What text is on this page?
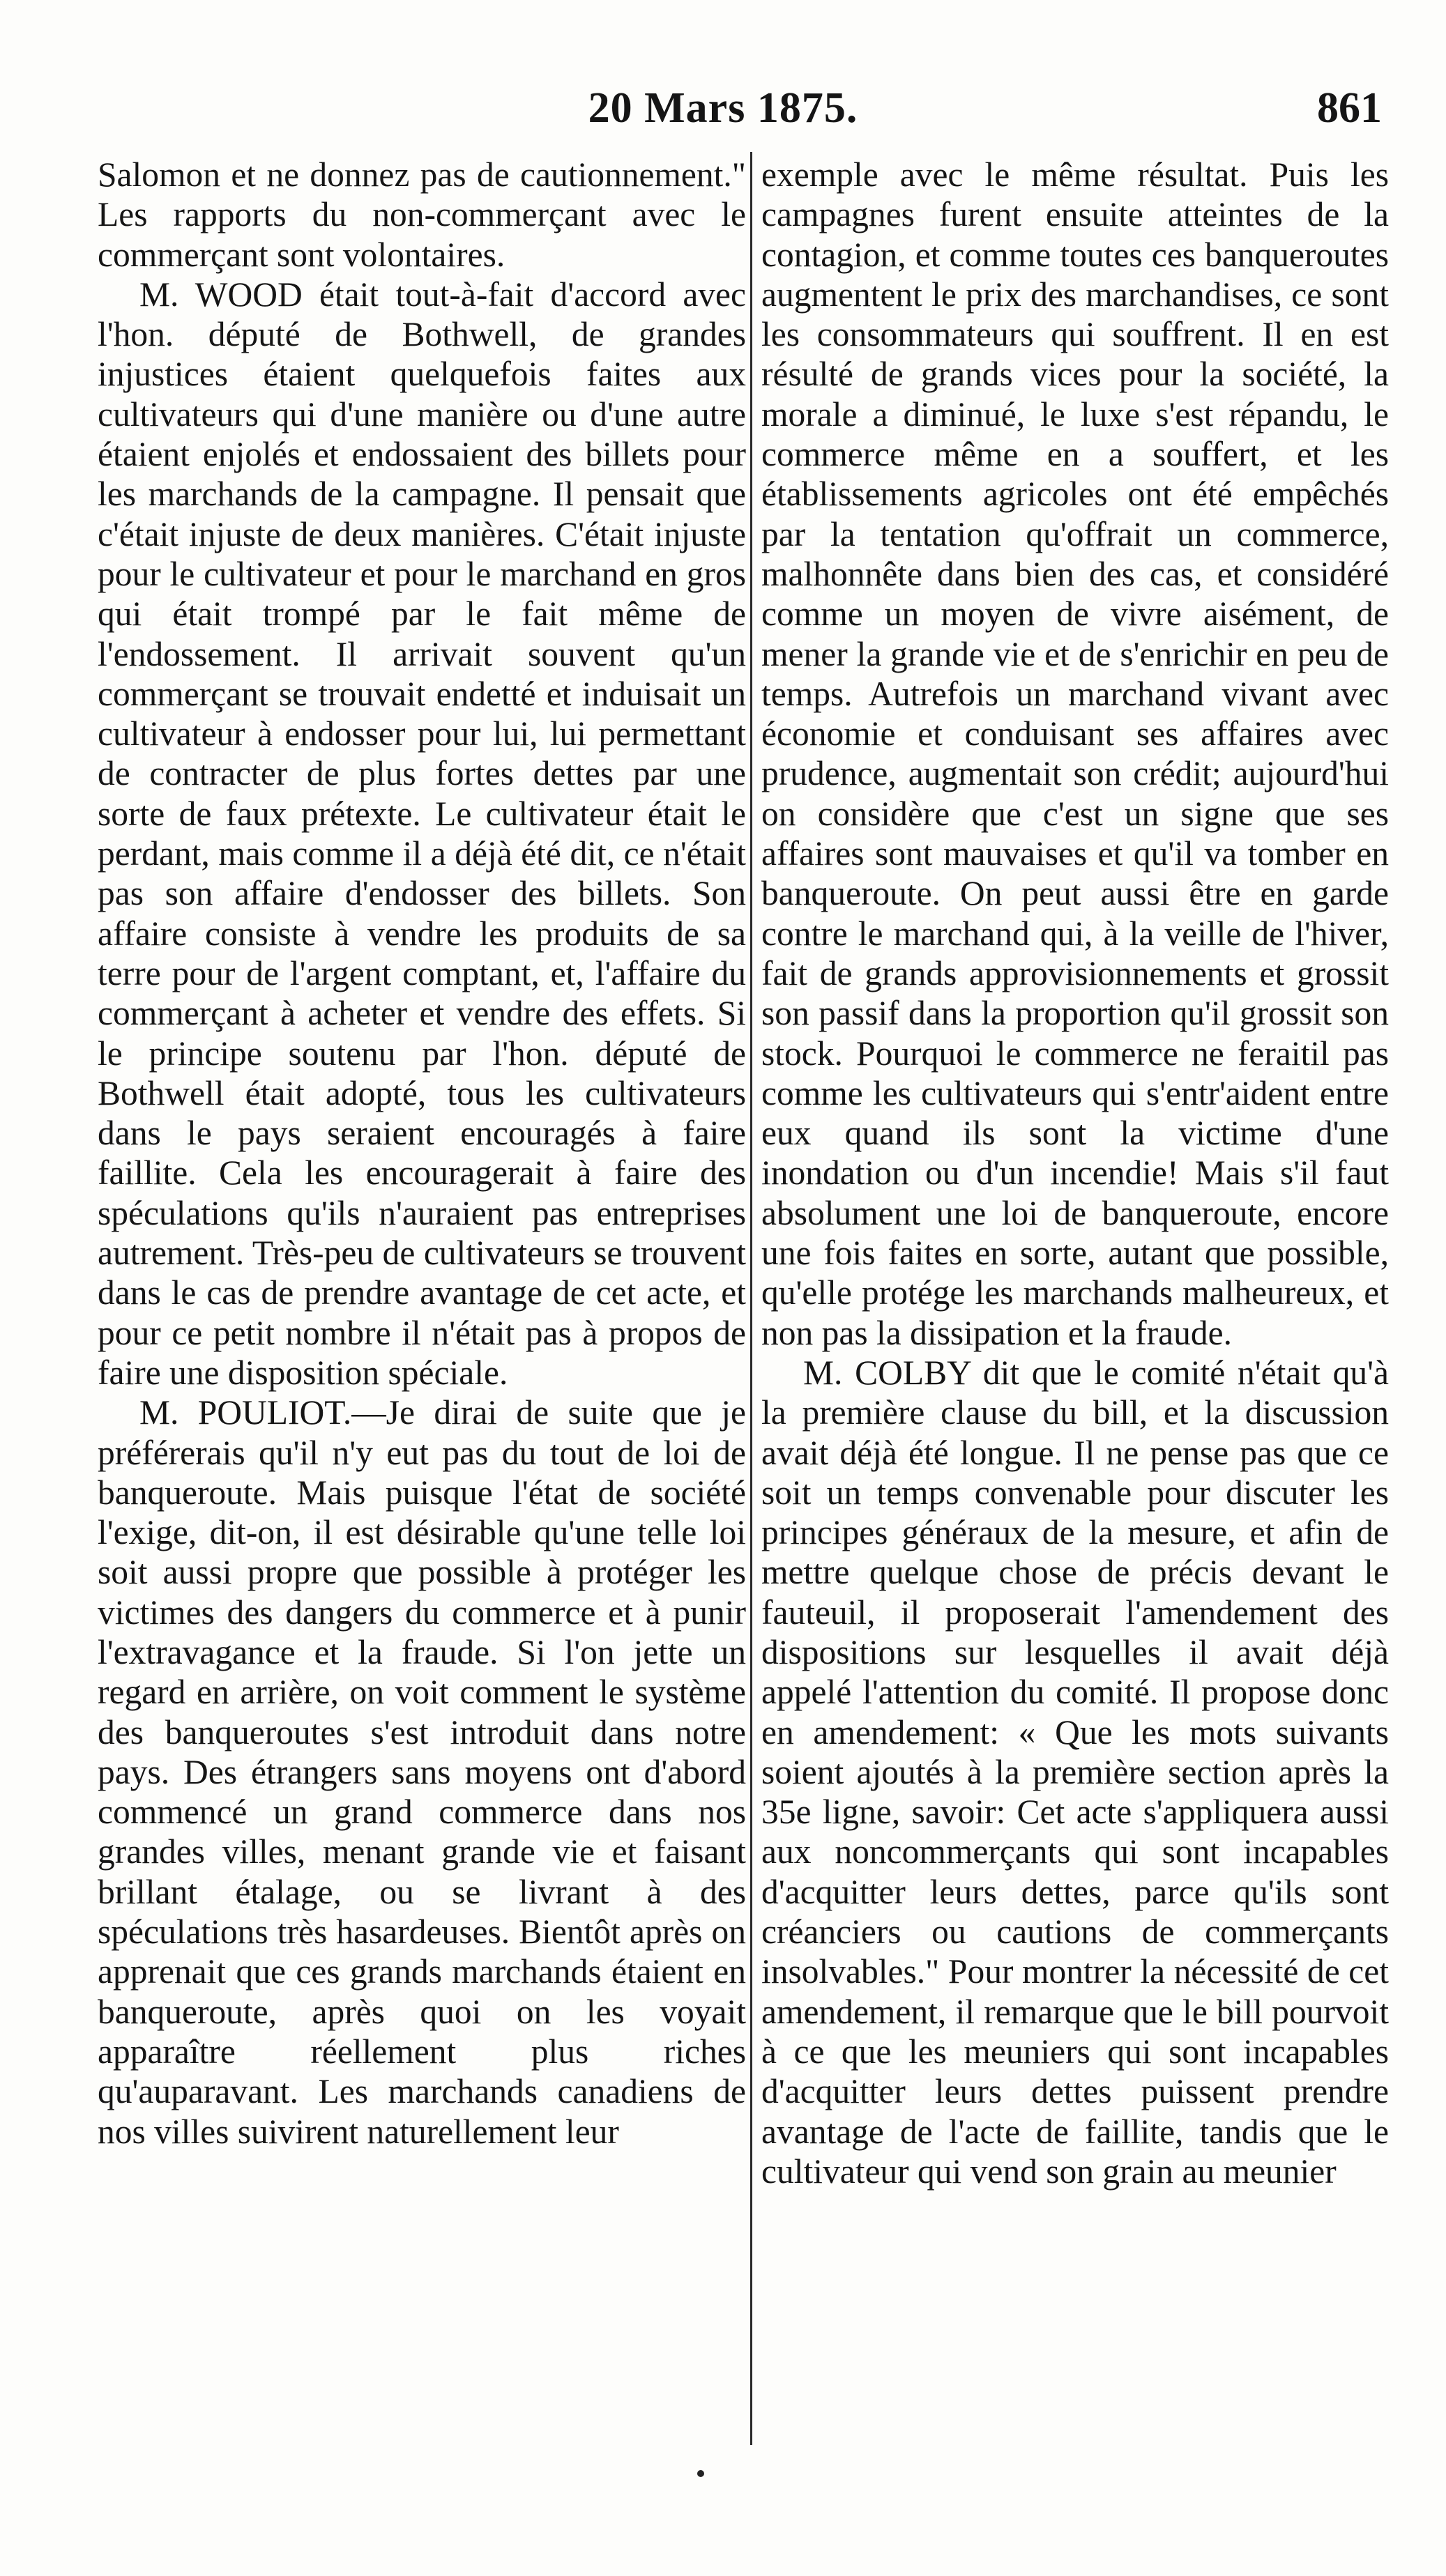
20 Mars 1875.	861

Salomon et ne donnez pas de cautionnement." Les rapports du non-commerçant avec le commerçant sont volontaires.

M. WOOD était tout-à-fait d'accord avec l'hon. député de Bothwell, de grandes injustices étaient quelquefois faites aux cultivateurs qui d'une manière ou d'une autre étaient enjolés et endossaient des billets pour les marchands de la campagne. Il pensait que c'était injuste de deux manières. C'était injuste pour le cultivateur et pour le marchand en gros qui était trompé par le fait même de l'endossement. Il arrivait souvent qu'un commerçant se trouvait endetté et induisait un cultivateur à endosser pour lui, lui permettant de contracter de plus fortes dettes par une sorte de faux prétexte. Le cultivateur était le perdant, mais comme il a déjà été dit, ce n'était pas son affaire d'endosser des billets. Son affaire consiste à vendre les produits de sa terre pour de l'argent comptant, et, l'affaire du commerçant à acheter et vendre des effets. Si le principe soutenu par l'hon. député de Bothwell était adopté, tous les cultivateurs dans le pays seraient encouragés à faire faillite. Cela les encouragerait à faire des spéculations qu'ils n'auraient pas entreprises autrement. Très-peu de cultivateurs se trouvent dans le cas de prendre avantage de cet acte, et pour ce petit nombre il n'était pas à propos de faire une disposition spéciale.

M. POULIOT.—Je dirai de suite que je préférerais qu'il n'y eut pas du tout de loi de banqueroute. Mais puisque l'état de société l'exige, dit-on, il est désirable qu'une telle loi soit aussi propre que possible à protéger les victimes des dangers du commerce et à punir l'extravagance et la fraude. Si l'on jette un regard en arrière, on voit comment le système des banqueroutes s'est introduit dans notre pays. Des étrangers sans moyens ont d'abord commencé un grand commerce dans nos grandes villes, menant grande vie et faisant brillant étalage, ou se livrant à des spéculations très hasardeuses. Bientôt après on apprenait que ces grands marchands étaient en banqueroute, après quoi on les voyait apparaître réellement plus riches qu'auparavant. Les marchands canadiens de nos villes suivirent naturellement leur

exemple avec le même résultat. Puis les campagnes furent ensuite atteintes de la contagion, et comme toutes ces banqueroutes augmentent le prix des marchandises, ce sont les consommateurs qui souffrent. Il en est résulté de grands vices pour la société, la morale a diminué, le luxe s'est répandu, le commerce même en a souffert, et les établissements agricoles ont été empêchés par la tentation qu'offrait un commerce, malhonnête dans bien des cas, et considéré comme un moyen de vivre aisément, de mener la grande vie et de s'enrichir en peu de temps. Autrefois un marchand vivant avec économie et conduisant ses affaires avec prudence, augmentait son crédit; aujourd'hui on considère que c'est un signe que ses affaires sont mauvaises et qu'il va tomber en banqueroute. On peut aussi être en garde contre le marchand qui, à la veille de l'hiver, fait de grands approvisionnements et grossit son passif dans la proportion qu'il grossit son stock. Pourquoi le commerce ne feraitil pas comme les cultivateurs qui s'entr'aident entre eux quand ils sont la victime d'une inondation ou d'un incendie! Mais s'il faut absolument une loi de banqueroute, encore une fois faites en sorte, autant que possible, qu'elle protége les marchands malheureux, et non pas la dissipation et la fraude.

M. COLBY dit que le comité n'était qu'à la première clause du bill, et la discussion avait déjà été longue. Il ne pense pas que ce soit un temps convenable pour discuter les principes généraux de la mesure, et afin de mettre quelque chose de précis devant le fauteuil, il proposerait l'amendement des dispositions sur lesquelles il avait déjà appelé l'attention du comité. Il propose donc en amendement: « Que les mots suivants soient ajoutés à la première section après la 35e ligne, savoir: Cet acte s'appliquera aussi aux noncommerçants qui sont incapables d'acquitter leurs dettes, parce qu'ils sont créanciers ou cautions de commerçants insolvables." Pour montrer la nécessité de cet amendement, il remarque que le bill pourvoit à ce que les meuniers qui sont incapables d'acquitter leurs dettes puissent prendre avantage de l'acte de faillite, tandis que le cultivateur qui vend son grain au meunier
